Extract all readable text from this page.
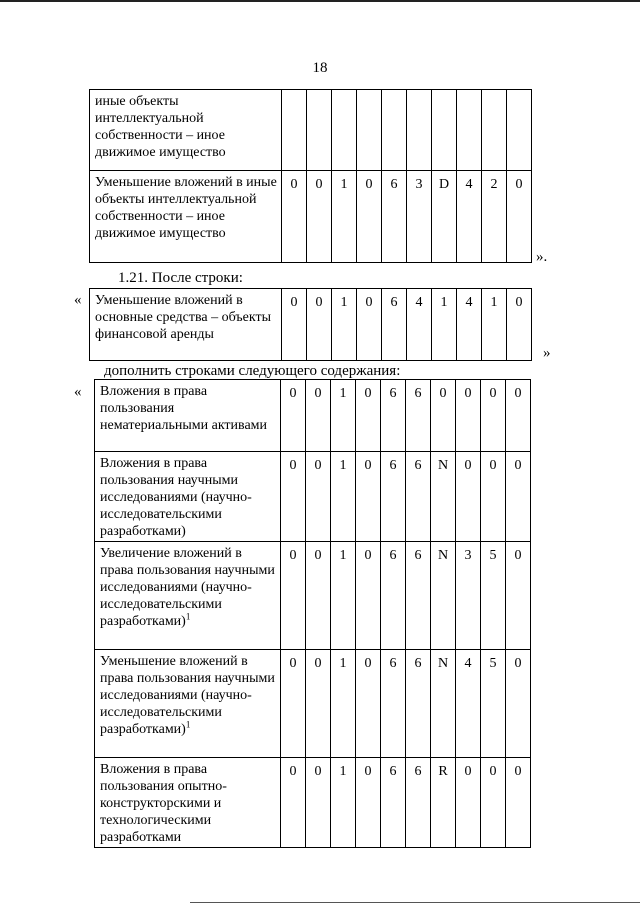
18
иные объекты интеллектуальной собственности – иное движимое имущество										
Уменьшение вложений в иные объекты интеллектуальной собственности – иное движимое имущество	0	0	1	0	6	3	D	4	2	0
».
1.21. После строки:
« Уменьшение вложений в основные средства – объекты финансовой аренды	0	0	1	0	6	4	1	4	1	0
»
дополнить строками следующего содержания:
« Вложения в права пользования нематериальными активами	0	0	1	0	6	6	0	0	0	0
Вложения в права пользования научными исследованиями (научно-исследовательскими разработками)	0	0	1	0	6	6	N	0	0	0
Увеличение вложений в права пользования научными исследованиями (научно-исследовательскими разработками)$^1$	0	0	1	0	6	6	N	3	5	0
Уменьшение вложений в права пользования научными исследованиями (научно-исследовательскими разработками)$^1$	0	0	1	0	6	6	N	4	5	0
Вложения в права пользования опытно-конструкторскими и технологическими разработками	0	0	1	0	6	6	R	0	0	0
